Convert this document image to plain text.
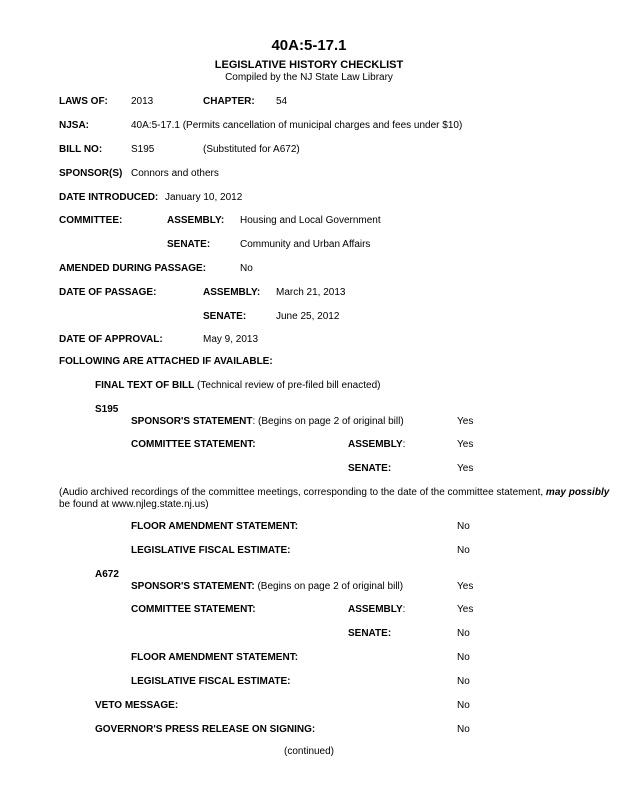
40A:5-17.1
LEGISLATIVE HISTORY CHECKLIST
Compiled by the NJ State Law Library
LAWS OF: 2013	CHAPTER: 54
NJSA:	40A:5-17.1 (Permits cancellation of municipal charges and fees under $10)
BILL NO:	S195	(Substituted for A672)
SPONSOR(S) Connors and others
DATE INTRODUCED: January 10, 2012
COMMITTEE:	ASSEMBLY: Housing and Local Government
SENATE:	Community and Urban Affairs
AMENDED DURING PASSAGE:	No
DATE OF PASSAGE:	ASSEMBLY: March 21, 2013
SENATE:	June 25, 2012
DATE OF APPROVAL:	May 9, 2013
FOLLOWING ARE ATTACHED IF AVAILABLE:
FINAL TEXT OF BILL (Technical review of pre-filed bill enacted)
S195
SPONSOR'S STATEMENT: (Begins on page 2 of original bill)	Yes
COMMITTEE STATEMENT:	ASSEMBLY:	Yes
SENATE:	Yes
(Audio archived recordings of the committee meetings, corresponding to the date of the committee statement, may possibly
be found at www.njleg.state.nj.us)
FLOOR AMENDMENT STATEMENT:	No
LEGISLATIVE FISCAL ESTIMATE:	No
A672
SPONSOR'S STATEMENT: (Begins on page 2 of original bill)	Yes
COMMITTEE STATEMENT:	ASSEMBLY:	Yes
SENATE:	No
FLOOR AMENDMENT STATEMENT:	No
LEGISLATIVE FISCAL ESTIMATE:	No
VETO MESSAGE:	No
GOVERNOR'S PRESS RELEASE ON SIGNING:	No
(continued)
